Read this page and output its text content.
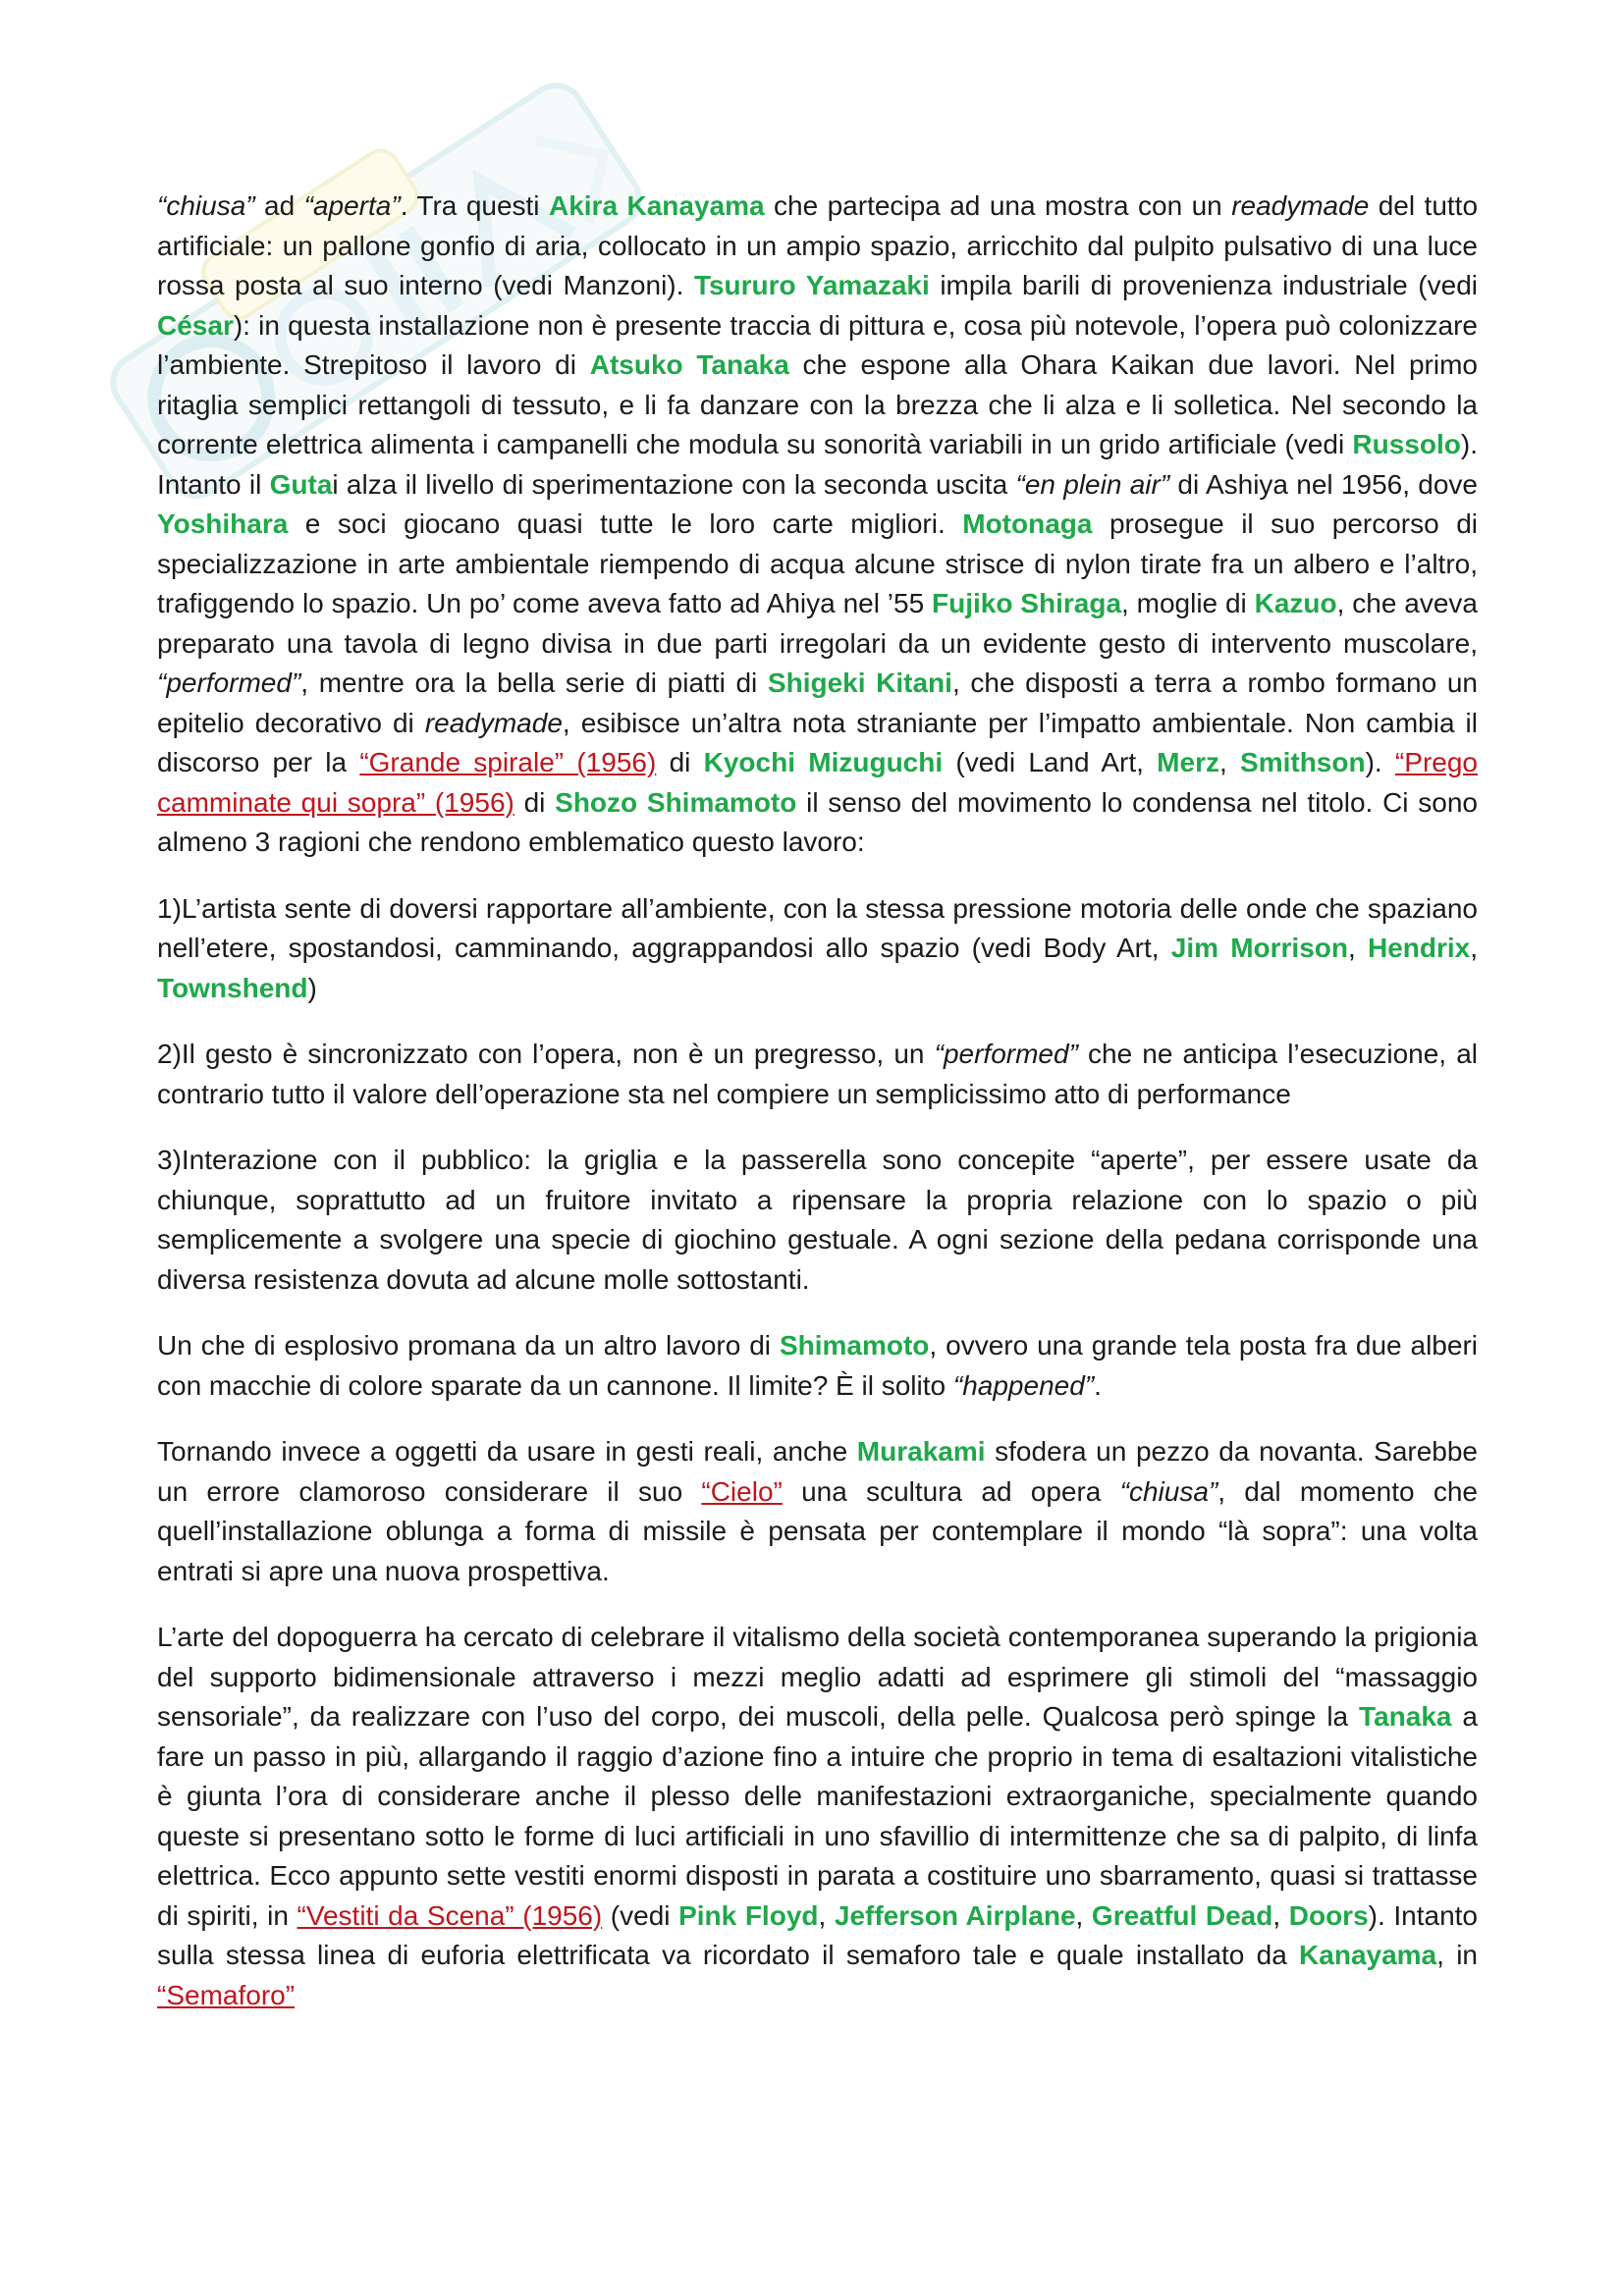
“chiusa” ad “aperta”. Tra questi Akira Kanayama che partecipa ad una mostra con un readymade del tutto artificiale: un pallone gonfio di aria, collocato in un ampio spazio, arricchito dal pulpito pulsativo di una luce rossa posta al suo interno (vedi Manzoni). Tsururo Yamazaki impila barili di provenienza industriale (vedi César): in questa installazione non è presente traccia di pittura e, cosa più notevole, l’opera può colonizzare l’ambiente. Strepitoso il lavoro di Atsuko Tanaka che espone alla Ohara Kaikan due lavori. Nel primo ritaglia semplici rettangoli di tessuto, e li fa danzare con la brezza che li alza e li solletica. Nel secondo la corrente elettrica alimenta i campanelli che modula su sonorità variabili in un grido artificiale (vedi Russolo). Intanto il Gutai alza il livello di sperimentazione con la seconda uscita “en plein air” di Ashiya nel 1956, dove Yoshihara e soci giocano quasi tutte le loro carte migliori. Motonaga prosegue il suo percorso di specializzazione in arte ambientale riempendo di acqua alcune strisce di nylon tirate fra un albero e l’altro, trafiggendo lo spazio. Un po’ come aveva fatto ad Ahiya nel ’55 Fujiko Shiraga, moglie di Kazuo, che aveva preparato una tavola di legno divisa in due parti irregolari da un evidente gesto di intervento muscolare, “performed”, mentre ora la bella serie di piatti di Shigeki Kitani, che disposti a terra a rombo formano un epitelio decorativo di readymade, esibisce un’altra nota straniante per l’impatto ambientale. Non cambia il discorso per la “Grande spirale” (1956) di Kyochi Mizuguchi (vedi Land Art, Merz, Smithson). “Prego camminate qui sopra” (1956) di Shozo Shimamoto il senso del movimento lo condensa nel titolo. Ci sono almeno 3 ragioni che rendono emblematico questo lavoro:

1)L’artista sente di doversi rapportare all’ambiente, con la stessa pressione motoria delle onde che spaziano nell’etere, spostandosi, camminando, aggrappandosi allo spazio (vedi Body Art, Jim Morrison, Hendrix, Townshend)

2)Il gesto è sincronizzato con l’opera, non è un pregresso, un “performed” che ne anticipa l’esecuzione, al contrario tutto il valore dell’operazione sta nel compiere un semplicissimo atto di performance

3)Interazione con il pubblico: la griglia e la passerella sono concepite “aperte”, per essere usate da chiunque, soprattutto ad un fruitore invitato a ripensare la propria relazione con lo spazio o più semplicemente a svolgere una specie di giochino gestuale. A ogni sezione della pedana corrisponde una diversa resistenza dovuta ad alcune molle sottostanti.

Un che di esplosivo promana da un altro lavoro di Shimamoto, ovvero una grande tela posta fra due alberi con macchie di colore sparate da un cannone. Il limite? È il solito “happened”.

Tornando invece a oggetti da usare in gesti reali, anche Murakami sfodera un pezzo da novanta. Sarebbe un errore clamoroso considerare il suo “Cielo” una scultura ad opera “chiusa”, dal momento che quell’installazione oblunga a forma di missile è pensata per contemplare il mondo “là sopra”: una volta entrati si apre una nuova prospettiva.

L’arte del dopoguerra ha cercato di celebrare il vitalismo della società contemporanea superando la prigionia del supporto bidimensionale attraverso i mezzi meglio adatti ad esprimere gli stimoli del “massaggio sensoriale”, da realizzare con l’uso del corpo, dei muscoli, della pelle. Qualcosa però spinge la Tanaka a fare un passo in più, allargando il raggio d’azione fino a intuire che proprio in tema di esaltazioni vitalistiche è giunta l’ora di considerare anche il plesso delle manifestazioni extraorganiche, specialmente quando queste si presentano sotto le forme di luci artificiali in uno sfavillio di intermittenze che sa di palpito, di linfa elettrica. Ecco appunto sette vestiti enormi disposti in parata a costituire uno sbarramento, quasi si trattasse di spiriti, in “Vestiti da Scena” (1956) (vedi Pink Floyd, Jefferson Airplane, Greatful Dead, Doors). Intanto sulla stessa linea di euforia elettrificata va ricordato il semaforo tale e quale installato da Kanayama, in “Semaforo”
